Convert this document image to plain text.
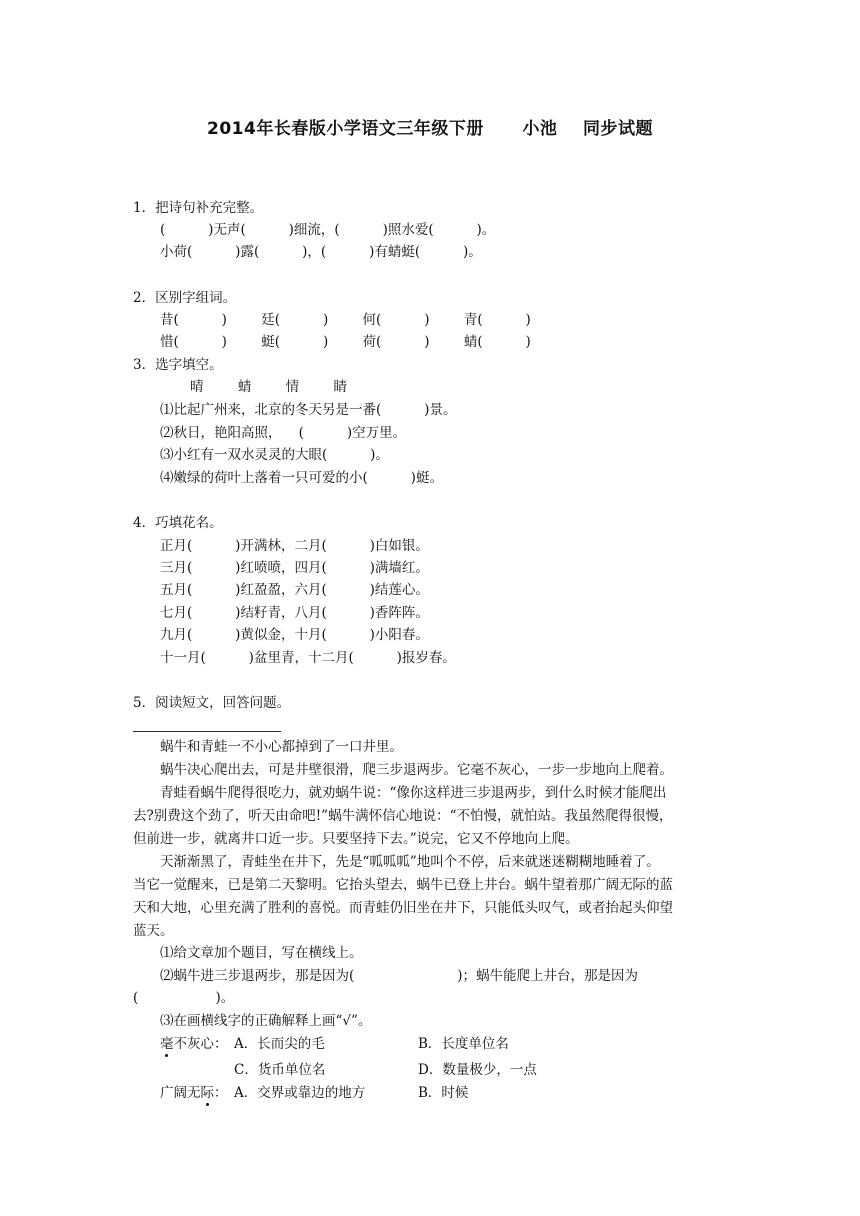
2014年长春版小学语文三年级下册      小池    同步试题
1．把诗句补充完整。
(          )无声(          )细流，(          )照水爱(          )。
小荷(          )露(          )，(          )有蜻蜓(          )。
2．区别字组词。
昔(          )        廷(          )        何(          )        青(          )
惜(          )        蜓(          )        荷(          )        蜻(          )
3．选字填空。
晴        蜻        情        睛
⑴比起广州来，北京的冬天另是一番(          )景。
⑵秋日，艳阳高照，    (          )空万里。
⑶小红有一双水灵灵的大眼(          )。
⑷嫩绿的荷叶上落着一只可爱的小(          )蜓。
4．巧填花名。
正月(          )开满林，二月(          )白如银。
三月(          )红喷喷，四月(          )满墙红。
五月(          )红盈盈，六月(          )结莲心。
七月(          )结籽青，八月(          )香阵阵。
九月(          )黄似金，十月(          )小阳春。
十一月(          )盆里青，十二月(          )报岁春。
5．阅读短文，回答问题。
蜗牛和青蛙一不小心都掉到了一口井里。
蜗牛决心爬出去，可是井壁很滑，爬三步退两步。它毫不灰心，一步一步地向上爬着。
青蛙看蜗牛爬得很吃力，就劝蜗牛说：“像你这样进三步退两步，到什么时候才能爬出
去?别费这个劲了，听天由命吧!”蜗牛满怀信心地说：“不怕慢，就怕站。我虽然爬得很慢，
但前进一步，就离井口近一步。只要坚持下去。”说完，它又不停地向上爬。
天渐渐黑了，青蛙坐在井下，先是“呱呱呱”地叫个不停，后来就迷迷糊糊地睡着了。
当它一觉醒来，已是第二天黎明。它抬头望去，蜗牛已登上井台。蜗牛望着那广阔无际的蓝
天和大地，心里充满了胜利的喜悦。而青蛙仍旧坐在井下，只能低头叹气，或者抬起头仰望
蓝天。
⑴给文章加个题目，写在横线上。
⑵蜗牛进三步退两步，那是因为(                        )；蜗牛能爬上井台，那是因为
(                  )。
⑶在画横线字的正确解释上画“√”。
毫不灰心： A．长而尖的毛	B．长度单位名
C．货币单位名	D．数量极少，一点
广阔无际： A．交界或靠边的地方	B．时候
